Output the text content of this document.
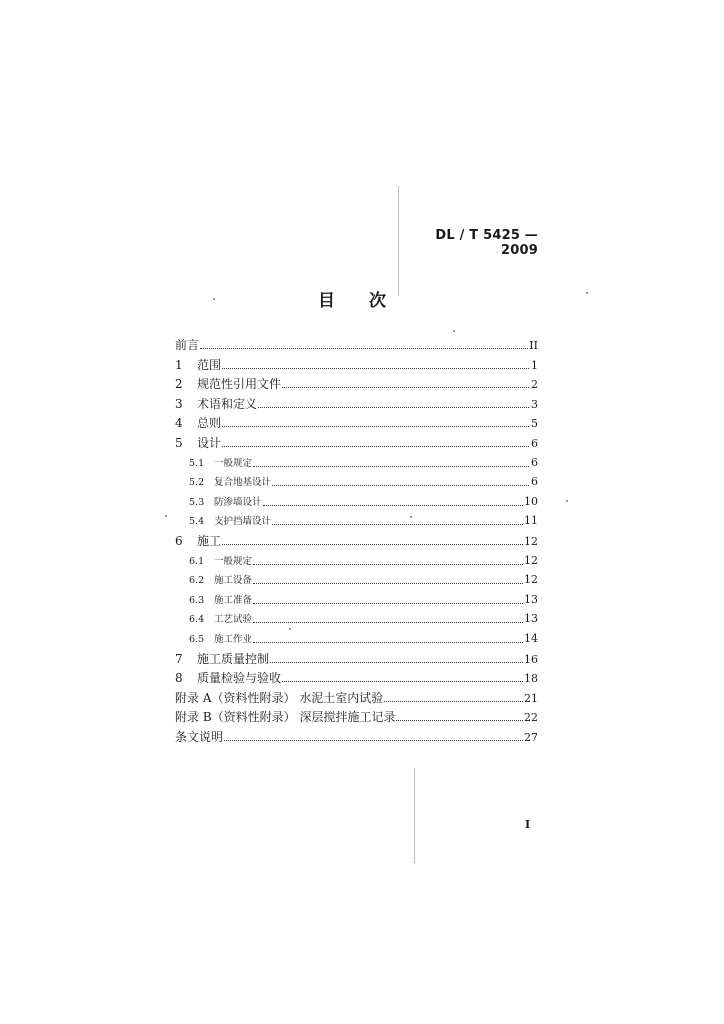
DL / T 5425 — 2009
目 次
前言	II
1	范围	1
2	规范性引用文件	2
3	术语和定义	3
4	总则	5
5	设计	6
5.1	一般规定	6
5.2	复合地基设计	6
5.3	防渗墙设计	10
5.4	支护挡墙设计	11
6	施工	12
6.1	一般规定	12
6.2	施工设备	12
6.3	施工准备	13
6.4	工艺试验	13
6.5	施工作业	14
7	施工质量控制	16
8	质量检验与验收	18
附录 A（资料性附录） 水泥土室内试验	21
附录 B（资料性附录） 深层搅拌施工记录	22
条文说明	27
I
